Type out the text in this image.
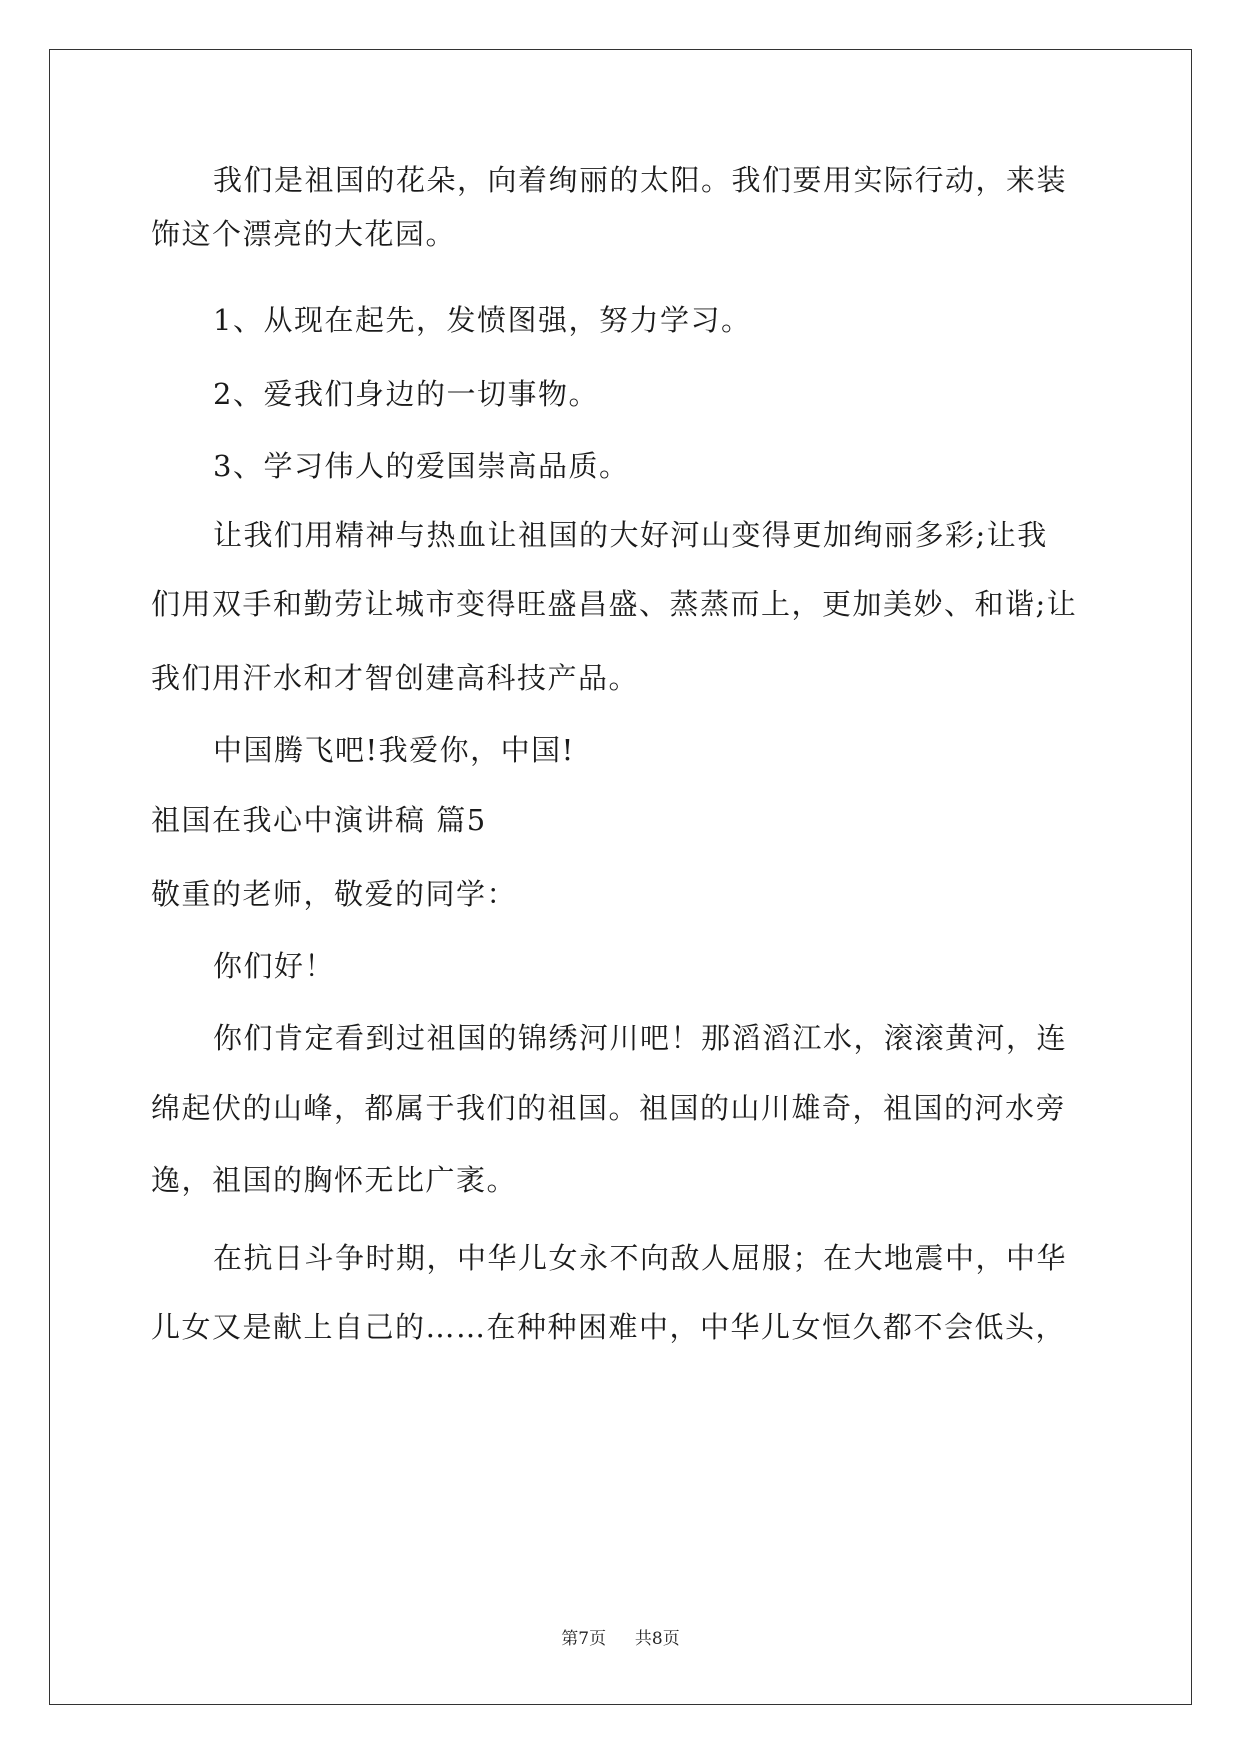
我们是祖国的花朵，向着绚丽的太阳。我们要用实际行动，来装
饰这个漂亮的大花园。
1、从现在起先，发愤图强，努力学习。
2、爱我们身边的一切事物。
3、学习伟人的爱国崇高品质。
让我们用精神与热血让祖国的大好河山变得更加绚丽多彩;让我
们用双手和勤劳让城市变得旺盛昌盛、蒸蒸而上，更加美妙、和谐;让
我们用汗水和才智创建高科技产品。
中国腾飞吧!我爱你，中国!
祖国在我心中演讲稿 篇5
敬重的老师，敬爱的同学：
你们好！
你们肯定看到过祖国的锦绣河川吧！那滔滔江水，滚滚黄河，连
绵起伏的山峰，都属于我们的祖国。祖国的山川雄奇，祖国的河水旁
逸，祖国的胸怀无比广袤。
在抗日斗争时期，中华儿女永不向敌人屈服；在大地震中，中华
儿女又是献上自己的……在种种困难中，中华儿女恒久都不会低头，
第7页 共8页
